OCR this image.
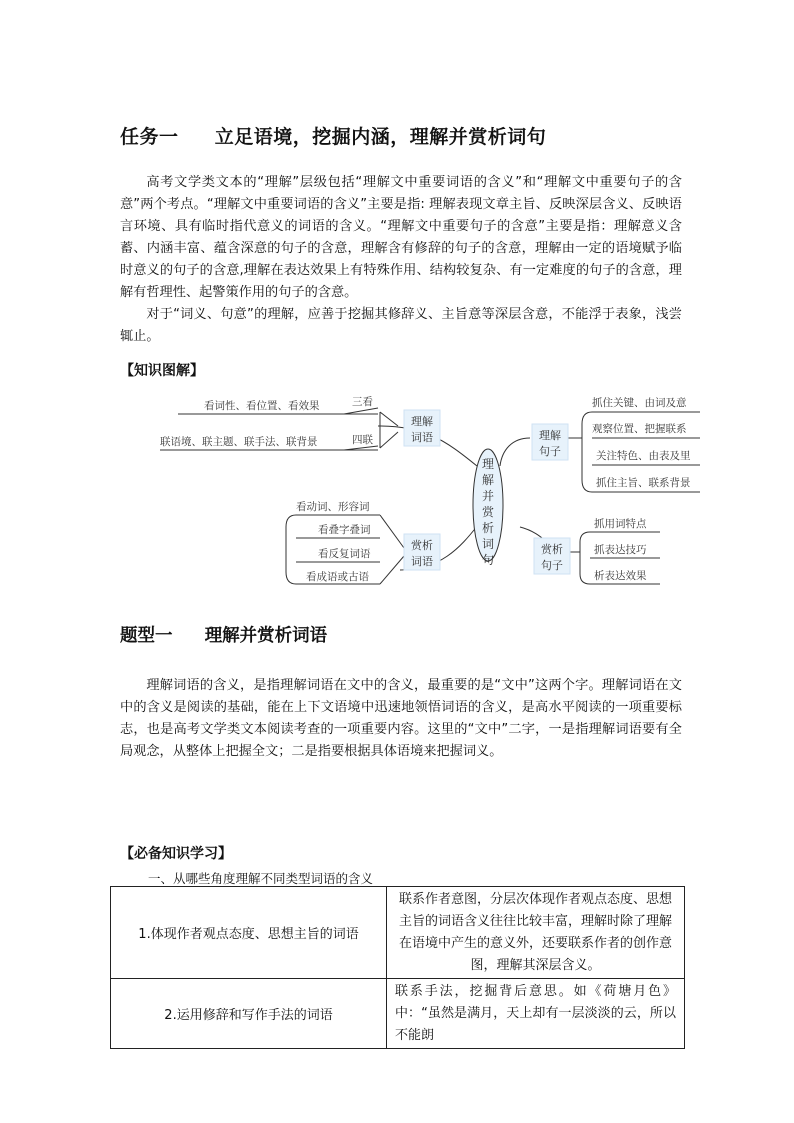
任务一 立足语境，挖掘内涵，理解并赏析词句

高考文学类文本的“理解”层级包括“理解文中重要词语的含义”和“理解文中重要句子的含意”两个考点。“理解文中重要词语的含义”主要是指: 理解表现文章主旨、反映深层含义、反映语言环境、具有临时指代意义的词语的含义。“理解文中重要句子的含意”主要是指：理解意义含蓄、内涵丰富、蕴含深意的句子的含意，理解含有修辞的句子的含意，理解由一定的语境赋予临时意义的句子的含意,理解在表达效果上有特殊作用、结构较复杂、有一定难度的句子的含意，理解有哲理性、起警策作用的句子的含意。

对于“词义、句意”的理解，应善于挖掘其修辞义、主旨意等深层含意，不能浮于表象，浅尝辄止。

【知识图解】
理
解
并
赏
析
词
句
理解
词语
赏析
词语
理解
句子
赏析
句子
看词性、看位置、看效果
联语境、联主题、联手法、联背景
三看
四联
抓住关键、由词及意
观察位置、把握联系
关注特色、由表及里
抓住主旨、联系背景
看动词、形容词
看叠字叠词
看反复词语
看成语或古语
抓用词特点
抓表达技巧
析表达效果
题型一 理解并赏析词语

理解词语的含义，是指理解词语在文中的含义，最重要的是“文中”这两个字。理解词语在文中的含义是阅读的基础，能在上下文语境中迅速地领悟词语的含义，是高水平阅读的一项重要标志，也是高考文学类文本阅读考查的一项重要内容。这里的“文中”二字，一是指理解词语要有全局观念，从整体上把握全文；二是指要根据具体语境来把握词义。

【必备知识学习】
一、从哪些角度理解不同类型词语的含义
1.体现作者观点态度、思想主旨的词语	联系作者意图，分层次体现作者观点态度、思想主旨的词语含义往往比较丰富，理解时除了理解在语境中产生的意义外，还要联系作者的创作意图，理解其深层含义。
2.运用修辞和写作手法的词语	联系手法，挖掘背后意思。如《荷塘月色》中：“虽然是满月，天上却有一层淡淡的云，所以不能朗
